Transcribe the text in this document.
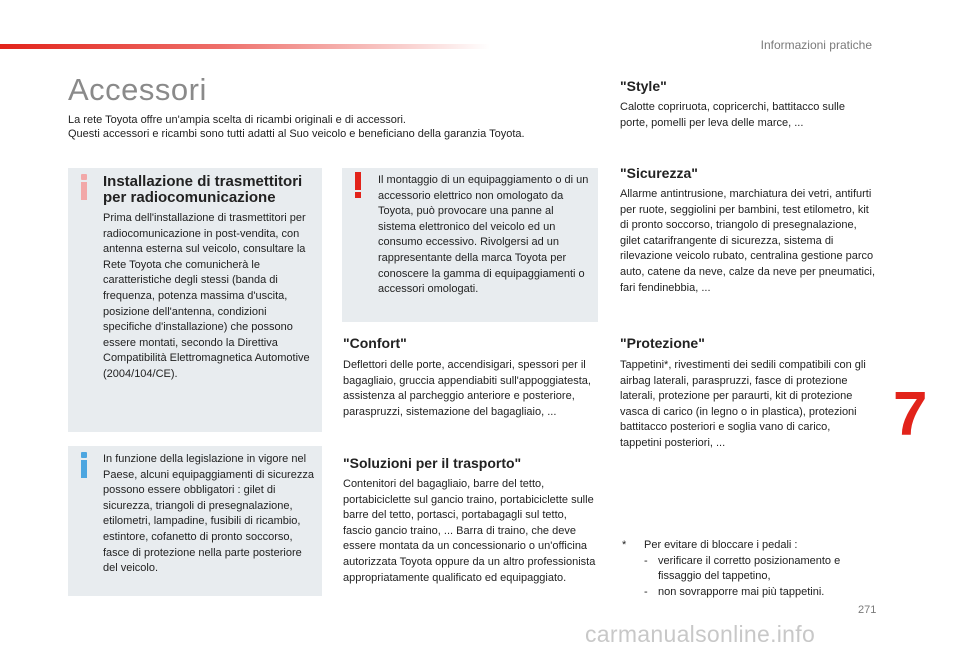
Informazioni pratiche
Accessori
La rete Toyota offre un'ampia scelta di ricambi originali e di accessori.
Questi accessori e ricambi sono tutti adatti al Suo veicolo e beneficiano della garanzia Toyota.
Installazione di trasmettitori per radiocomunicazione
Prima dell'installazione di trasmettitori per radiocomunicazione in post-vendita, con antenna esterna sul veicolo, consultare la Rete Toyota che comunicherà le caratteristiche degli stessi (banda di frequenza, potenza massima d'uscita, posizione dell'antenna, condizioni specifiche d'installazione) che possono essere montati, secondo la Direttiva Compatibilità Elettromagnetica Automotive (2004/104/CE).
Il montaggio di un equipaggiamento o di un accessorio elettrico non omologato da Toyota, può provocare una panne al sistema elettronico del veicolo ed un consumo eccessivo. Rivolgersi ad un rappresentante della marca Toyota per conoscere la gamma di equipaggiamenti o accessori omologati.
In funzione della legislazione in vigore nel Paese, alcuni equipaggiamenti di sicurezza possono essere obbligatori : gilet di sicurezza, triangoli di presegnalazione, etilometri, lampadine, fusibili di ricambio, estintore, cofanetto di pronto soccorso, fasce di protezione nella parte posteriore del veicolo.
"Confort"
Deflettori delle porte, accendisigari, spessori per il bagagliaio, gruccia appendiabiti sull'appoggiatesta, assistenza al parcheggio anteriore e posteriore, paraspruzzi, sistemazione del bagagliaio, ...
"Soluzioni per il trasporto"
Contenitori del bagagliaio, barre del tetto, portabiciclette sul gancio traino, portabiciclette sulle barre del tetto, portasci, portabagagli sul tetto, fascio gancio traino, ... Barra di traino, che deve essere montata da un concessionario o un'officina autorizzata Toyota oppure da un altro professionista appropriatamente qualificato ed equipaggiato.
"Style"
Calotte copriruota, copricerchi, battitacco sulle porte, pomelli per leva delle marce, ...
"Sicurezza"
Allarme antintrusione, marchiatura dei vetri, antifurti per ruote, seggiolini per bambini, test etilometro, kit di pronto soccorso, triangolo di presegnalazione, gilet catarifrangente di sicurezza, sistema di rilevazione veicolo rubato, centralina gestione parco auto, catene da neve, calze da neve per pneumatici, fari fendinebbia, ...
"Protezione"
Tappetini*, rivestimenti dei sedili compatibili con gli airbag laterali, paraspruzzi, fasce di protezione laterali, protezione per paraurti, kit di protezione vasca di carico (in legno o in plastica), protezioni battitacco posteriori e soglia vano di carico, tappetini posteriori, ...	7
* Per evitare di bloccare i pedali :
- verificare il corretto posizionamento e fissaggio del tappetino,
- non sovrapporre mai più tappetini.
271
carmanualsonline.info
